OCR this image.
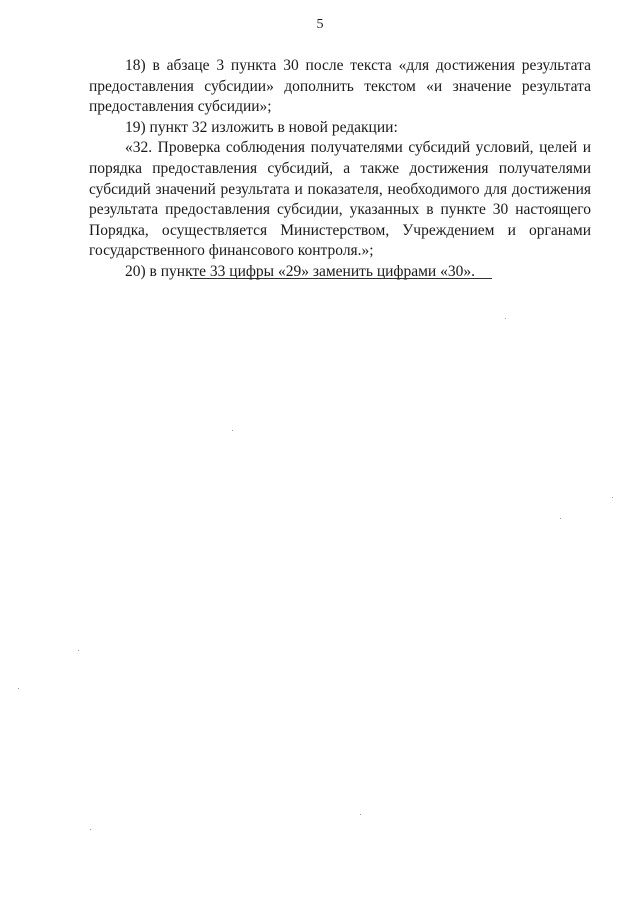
5

18) в абзаце 3 пункта 30 после текста «для достижения результата предоставления субсидии» дополнить текстом «и значение результата предоставления субсидии»;

19) пункт 32 изложить в новой редакции:

«32. Проверка соблюдения получателями субсидий условий, целей и порядка предоставления субсидий, а также достижения получателями субсидий значений результата и показателя, необходимого для достижения результата предоставления субсидии, указанных в пункте 30 настоящего Порядка, осуществляется Министерством, Учреждением и органами государственного финансового контроля.»;

20) в пункте 33 цифры «29» заменить цифрами «30».
